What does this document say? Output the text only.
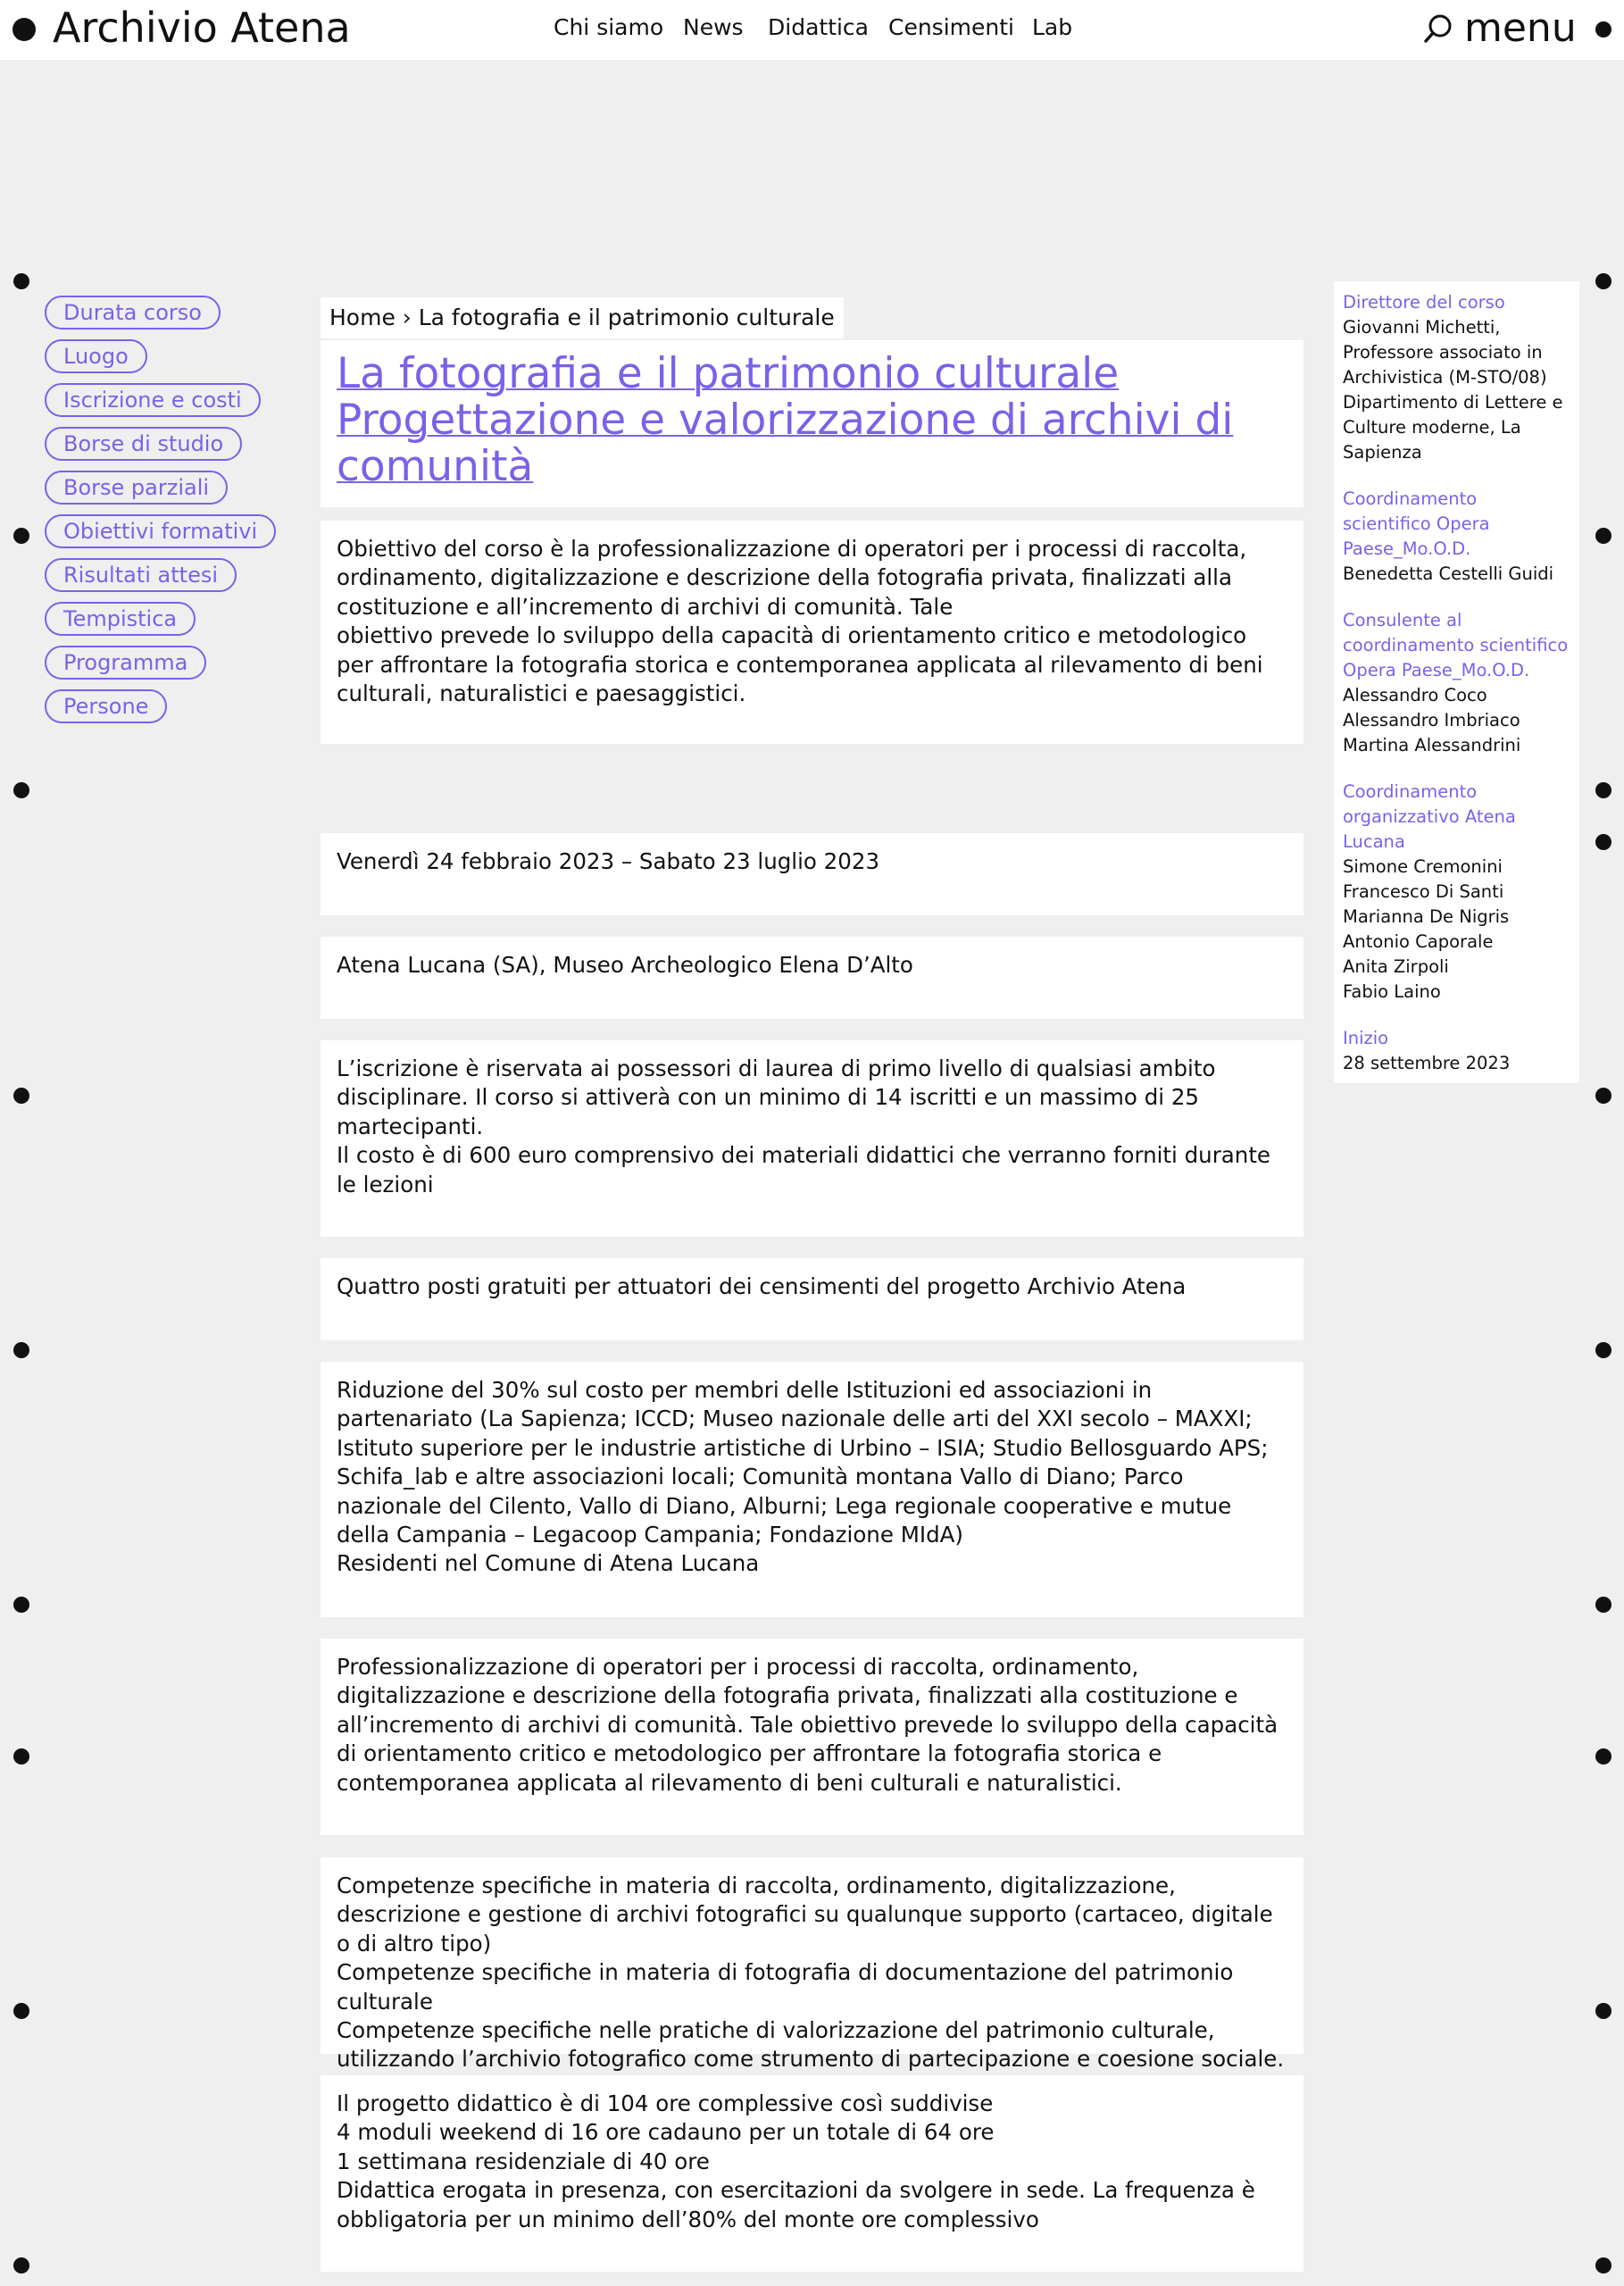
Archivio Atena	Chi siamo News Didattica Censimenti Lab	menu
Durata corso
Luogo
Iscrizione e costi
Borse di studio
Borse parziali
Obiettivi formativi
Risultati attesi
Tempistica
Programma
Persone
Home › La fotografia e il patrimonio culturale
La fotografia e il patrimonio culturale
Progettazione e valorizzazione di archivi di comunità
Obiettivo del corso è la professionalizzazione di operatori per i processi di raccolta, ordinamento, digitalizzazione e descrizione della fotografia privata, finalizzati alla costituzione e all’incremento di archivi di comunità. Tale
obiettivo prevede lo sviluppo della capacità di orientamento critico e metodologico per affrontare la fotografia storica e contemporanea applicata al rilevamento di beni culturali, naturalistici e paesaggistici.
Venerdì 24 febbraio 2023 – Sabato 23 luglio 2023
Atena Lucana (SA), Museo Archeologico Elena D’Alto
L’iscrizione è riservata ai possessori di laurea di primo livello di qualsiasi ambito disciplinare. Il corso si attiverà con un minimo di 14 iscritti e un massimo di 25 martecipanti.
Il costo è di 600 euro comprensivo dei materiali didattici che verranno forniti durante le lezioni
Quattro posti gratuiti per attuatori dei censimenti del progetto Archivio Atena
Riduzione del 30% sul costo per membri delle Istituzioni ed associazioni in partenariato (La Sapienza; ICCD; Museo nazionale delle arti del XXI secolo – MAXXI; Istituto superiore per le industrie artistiche di Urbino – ISIA; Studio Bellosguardo APS; Schifa_lab e altre associazioni locali; Comunità montana Vallo di Diano; Parco nazionale del Cilento, Vallo di Diano, Alburni; Lega regionale cooperative e mutue della Campania – Legacoop Campania; Fondazione MIdA)
Residenti nel Comune di Atena Lucana
Professionalizzazione di operatori per i processi di raccolta, ordinamento, digitalizzazione e descrizione della fotografia privata, finalizzati alla costituzione e all’incremento di archivi di comunità. Tale obiettivo prevede lo sviluppo della capacità di orientamento critico e metodologico per affrontare la fotografia storica e contemporanea applicata al rilevamento di beni culturali e naturalistici.
Competenze specifiche in materia di raccolta, ordinamento, digitalizzazione, descrizione e gestione di archivi fotografici su qualunque supporto (cartaceo, digitale o di altro tipo)
Competenze specifiche in materia di fotografia di documentazione del patrimonio culturale
Competenze specifiche nelle pratiche di valorizzazione del patrimonio culturale, utilizzando l’archivio fotografico come strumento di partecipazione e coesione sociale.
Il progetto didattico è di 104 ore complessive così suddivise
4 moduli weekend di 16 ore cadauno per un totale di 64 ore
1 settimana residenziale di 40 ore
Didattica erogata in presenza, con esercitazioni da svolgere in sede. La frequenza è obbligatoria per un minimo dell’80% del monte ore complessivo
Direttore del corso
Giovanni Michetti,
Professore associato in
Archivistica (M-STO/08)
Dipartimento di Lettere e
Culture moderne, La
Sapienza
Coordinamento scientifico Opera Paese_Mo.O.D.
Benedetta Cestelli Guidi
Consulente al coordinamento scientifico Opera Paese_Mo.O.D.
Alessandro Coco
Alessandro Imbriaco
Martina Alessandrini
Coordinamento organizzativo Atena Lucana
Simone Cremonini
Francesco Di Santi
Marianna De Nigris
Antonio Caporale
Anita Zirpoli
Fabio Laino
Inizio
28 settembre 2023
